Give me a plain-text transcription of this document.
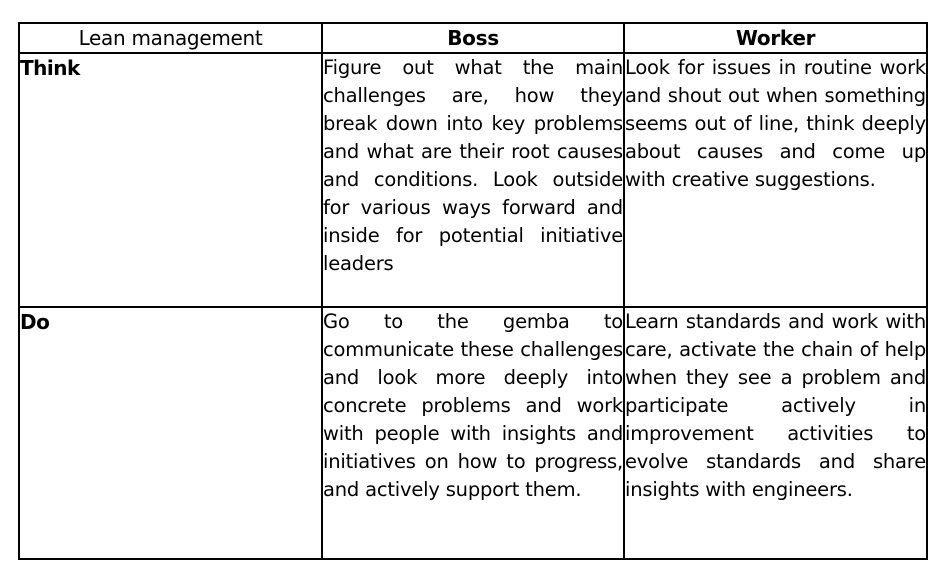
Lean management	Boss	Worker
Think	Figure out what the main challenges are, how they break down into key problems and what are their root causes and conditions. Look outside for various ways forward and inside for potential initiative leaders	Look for issues in routine work and shout out when something seems out of line, think deeply about causes and come up with creative suggestions.
Do	Go to the gemba to communicate these challenges and look more deeply into concrete problems and work with people with insights and initiatives on how to progress, and actively support them.	Learn standards and work with care, activate the chain of help when they see a problem and participate actively in improvement activities to evolve standards and share insights with engineers.
